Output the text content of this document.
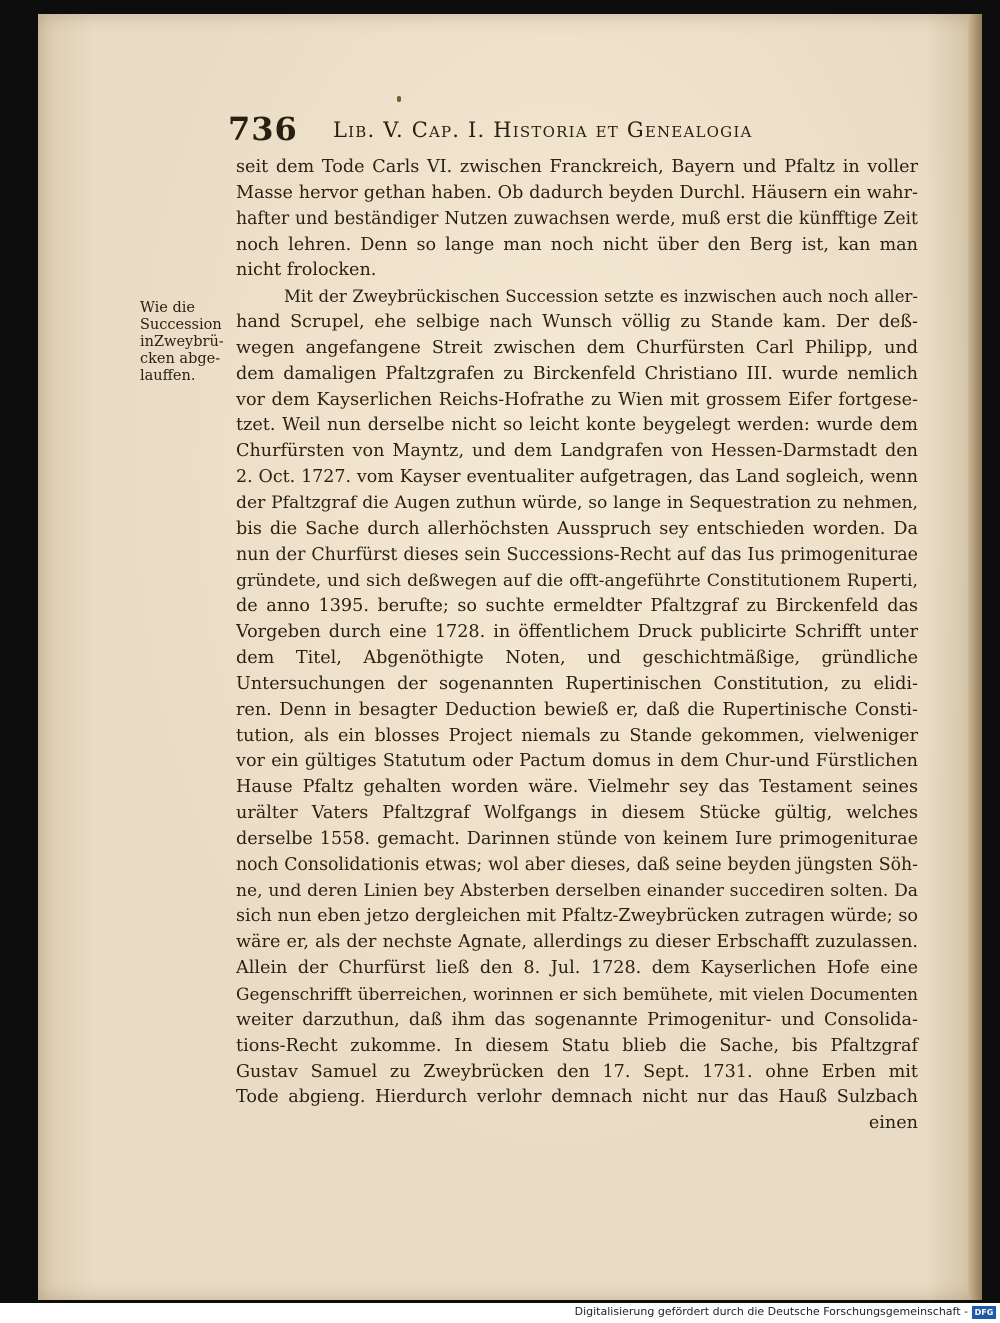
736 Lib. V. Cap. I. Historia et Genealogia
Wie die
Succession
inZweybrü-
cken abge-
lauffen.
seit dem Tode Carls VI. zwischen Franckreich, Bayern und Pfaltz in voller
Masse hervor gethan haben. Ob dadurch beyden Durchl. Häusern ein wahr-
hafter und beständiger Nutzen zuwachsen werde, muß erst die künfftige Zeit
noch lehren. Denn so lange man noch nicht über den Berg ist, kan man
nicht frolocken.
Mit der Zweybrückischen Succession setzte es inzwischen auch noch aller-
hand Scrupel, ehe selbige nach Wunsch völlig zu Stande kam. Der deß-
wegen angefangene Streit zwischen dem Churfürsten Carl Philipp, und
dem damaligen Pfaltzgrafen zu Birckenfeld Christiano III. wurde nemlich
vor dem Kayserlichen Reichs-Hofrathe zu Wien mit grossem Eifer fortgese-
tzet. Weil nun derselbe nicht so leicht konte beygelegt werden: wurde dem
Churfürsten von Mayntz, und dem Landgrafen von Hessen-Darmstadt den
2. Oct. 1727. vom Kayser eventualiter aufgetragen, das Land sogleich, wenn
der Pfaltzgraf die Augen zuthun würde, so lange in Sequestration zu nehmen,
bis die Sache durch allerhöchsten Ausspruch sey entschieden worden. Da
nun der Churfürst dieses sein Successions-Recht auf das Ius primogeniturae
gründete, und sich deßwegen auf die offt-angeführte Constitutionem Ruperti,
de anno 1395. berufte; so suchte ermeldter Pfaltzgraf zu Birckenfeld das
Vorgeben durch eine 1728. in öffentlichem Druck publicirte Schrifft unter
dem Titel, Abgenöthigte Noten, und geschichtmäßige, gründliche
Untersuchungen der sogenannten Rupertinischen Constitution, zu elidi-
ren. Denn in besagter Deduction bewieß er, daß die Rupertinische Consti-
tution, als ein blosses Project niemals zu Stande gekommen, vielweniger
vor ein gültiges Statutum oder Pactum domus in dem Chur-und Fürstlichen
Hause Pfaltz gehalten worden wäre. Vielmehr sey das Testament seines
urälter Vaters Pfaltzgraf Wolfgangs in diesem Stücke gültig, welches
derselbe 1558. gemacht. Darinnen stünde von keinem Iure primogeniturae
noch Consolidationis etwas; wol aber dieses, daß seine beyden jüngsten Söh-
ne, und deren Linien bey Absterben derselben einander succediren solten. Da
sich nun eben jetzo dergleichen mit Pfaltz-Zweybrücken zutragen würde; so
wäre er, als der nechste Agnate, allerdings zu dieser Erbschafft zuzulassen.
Allein der Churfürst ließ den 8. Jul. 1728. dem Kayserlichen Hofe eine
Gegenschrifft überreichen, worinnen er sich bemühete, mit vielen Documenten
weiter darzuthun, daß ihm das sogenannte Primogenitur- und Consolida-
tions-Recht zukomme. In diesem Statu blieb die Sache, bis Pfaltzgraf
Gustav Samuel zu Zweybrücken den 17. Sept. 1731. ohne Erben mit
Tode abgieng. Hierdurch verlohr demnach nicht nur das Hauß Sulzbach
einen
Digitalisierung gefördert durch die Deutsche Forschungsgemeinschaft - DFG
